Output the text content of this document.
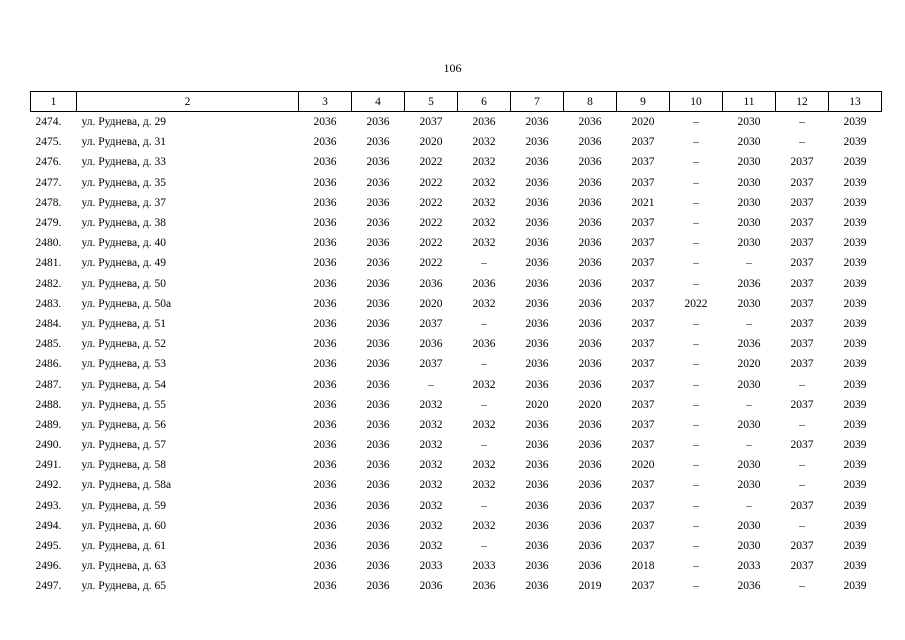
106
1	2	3	4	5	6	7	8	9	10	11	12	13
2474.	ул. Руднева, д. 29	2036	2036	2037	2036	2036	2036	2020	–	2030	–	2039
2475.	ул. Руднева, д. 31	2036	2036	2020	2032	2036	2036	2037	–	2030	–	2039
2476.	ул. Руднева, д. 33	2036	2036	2022	2032	2036	2036	2037	–	2030	2037	2039
2477.	ул. Руднева, д. 35	2036	2036	2022	2032	2036	2036	2037	–	2030	2037	2039
2478.	ул. Руднева, д. 37	2036	2036	2022	2032	2036	2036	2021	–	2030	2037	2039
2479.	ул. Руднева, д. 38	2036	2036	2022	2032	2036	2036	2037	–	2030	2037	2039
2480.	ул. Руднева, д. 40	2036	2036	2022	2032	2036	2036	2037	–	2030	2037	2039
2481.	ул. Руднева, д. 49	2036	2036	2022	–	2036	2036	2037	–	–	2037	2039
2482.	ул. Руднева, д. 50	2036	2036	2036	2036	2036	2036	2037	–	2036	2037	2039
2483.	ул. Руднева, д. 50а	2036	2036	2020	2032	2036	2036	2037	2022	2030	2037	2039
2484.	ул. Руднева, д. 51	2036	2036	2037	–	2036	2036	2037	–	–	2037	2039
2485.	ул. Руднева, д. 52	2036	2036	2036	2036	2036	2036	2037	–	2036	2037	2039
2486.	ул. Руднева, д. 53	2036	2036	2037	–	2036	2036	2037	–	2020	2037	2039
2487.	ул. Руднева, д. 54	2036	2036	–	2032	2036	2036	2037	–	2030	–	2039
2488.	ул. Руднева, д. 55	2036	2036	2032	–	2020	2020	2037	–	–	2037	2039
2489.	ул. Руднева, д. 56	2036	2036	2032	2032	2036	2036	2037	–	2030	–	2039
2490.	ул. Руднева, д. 57	2036	2036	2032	–	2036	2036	2037	–	–	2037	2039
2491.	ул. Руднева, д. 58	2036	2036	2032	2032	2036	2036	2020	–	2030	–	2039
2492.	ул. Руднева, д. 58а	2036	2036	2032	2032	2036	2036	2037	–	2030	–	2039
2493.	ул. Руднева, д. 59	2036	2036	2032	–	2036	2036	2037	–	–	2037	2039
2494.	ул. Руднева, д. 60	2036	2036	2032	2032	2036	2036	2037	–	2030	–	2039
2495.	ул. Руднева, д. 61	2036	2036	2032	–	2036	2036	2037	–	2030	2037	2039
2496.	ул. Руднева, д. 63	2036	2036	2033	2033	2036	2036	2018	–	2033	2037	2039
2497.	ул. Руднева, д. 65	2036	2036	2036	2036	2036	2019	2037	–	2036	–	2039
